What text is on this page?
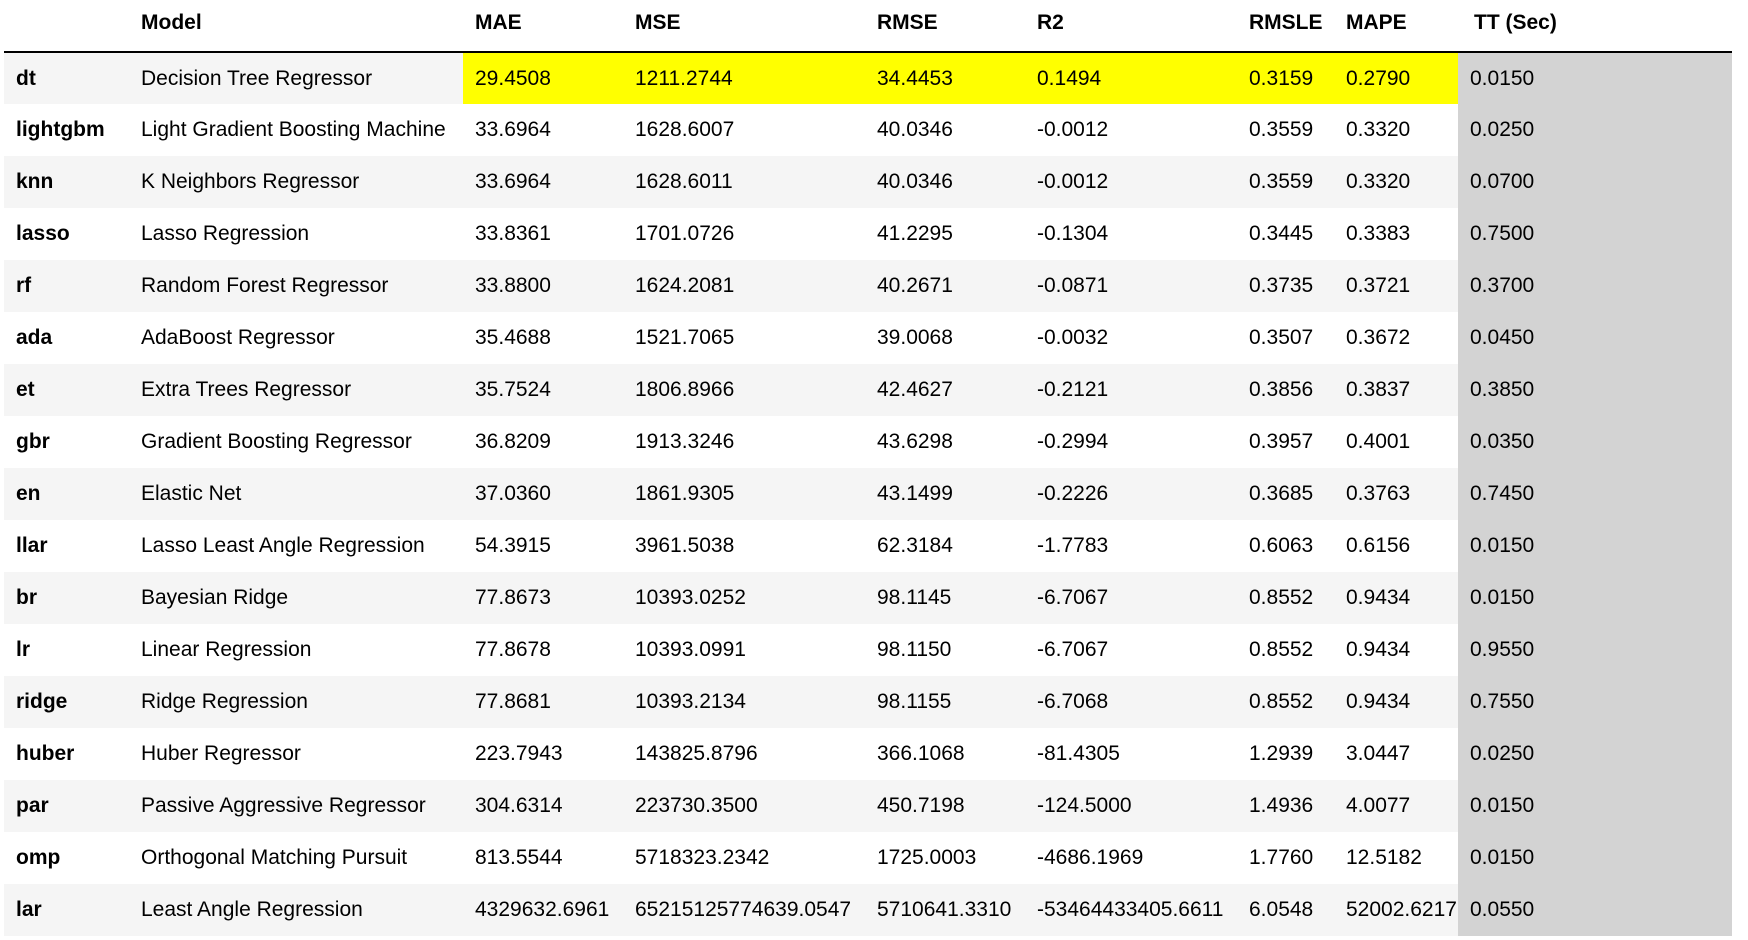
	Model	MAE	MSE	RMSE	R2	RMSLE	MAPE	TT (Sec)
dt	Decision Tree Regressor	29.4508	1211.2744	34.4453	0.1494	0.3159	0.2790	0.0150
lightgbm	Light Gradient Boosting Machine	33.6964	1628.6007	40.0346	-0.0012	0.3559	0.3320	0.0250
knn	K Neighbors Regressor	33.6964	1628.6011	40.0346	-0.0012	0.3559	0.3320	0.0700
lasso	Lasso Regression	33.8361	1701.0726	41.2295	-0.1304	0.3445	0.3383	0.7500
rf	Random Forest Regressor	33.8800	1624.2081	40.2671	-0.0871	0.3735	0.3721	0.3700
ada	AdaBoost Regressor	35.4688	1521.7065	39.0068	-0.0032	0.3507	0.3672	0.0450
et	Extra Trees Regressor	35.7524	1806.8966	42.4627	-0.2121	0.3856	0.3837	0.3850
gbr	Gradient Boosting Regressor	36.8209	1913.3246	43.6298	-0.2994	0.3957	0.4001	0.0350
en	Elastic Net	37.0360	1861.9305	43.1499	-0.2226	0.3685	0.3763	0.7450
llar	Lasso Least Angle Regression	54.3915	3961.5038	62.3184	-1.7783	0.6063	0.6156	0.0150
br	Bayesian Ridge	77.8673	10393.0252	98.1145	-6.7067	0.8552	0.9434	0.0150
lr	Linear Regression	77.8678	10393.0991	98.1150	-6.7067	0.8552	0.9434	0.9550
ridge	Ridge Regression	77.8681	10393.2134	98.1155	-6.7068	0.8552	0.9434	0.7550
huber	Huber Regressor	223.7943	143825.8796	366.1068	-81.4305	1.2939	3.0447	0.0250
par	Passive Aggressive Regressor	304.6314	223730.3500	450.7198	-124.5000	1.4936	4.0077	0.0150
omp	Orthogonal Matching Pursuit	813.5544	5718323.2342	1725.0003	-4686.1969	1.7760	12.5182	0.0150
lar	Least Angle Regression	4329632.6961	65215125774639.0547	5710641.3310	-53464433405.6611	6.0548	52002.6217	0.0550
